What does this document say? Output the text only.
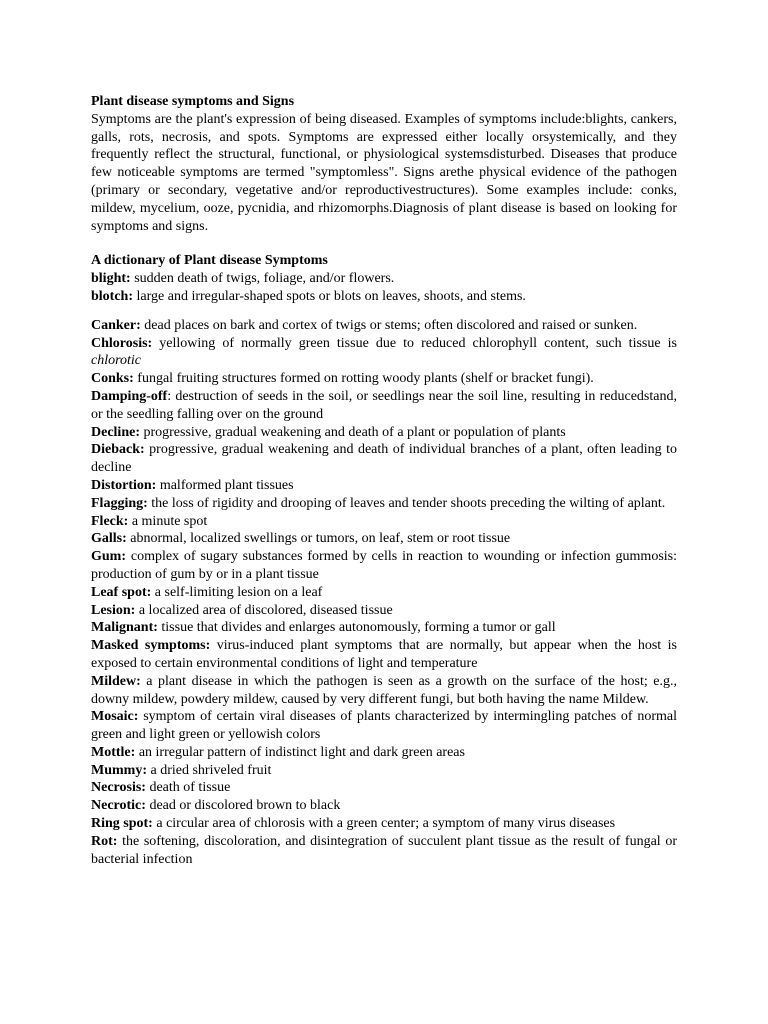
Plant disease symptoms and Signs

Symptoms are the plant's expression of being diseased. Examples of symptoms include:blights, cankers, galls, rots, necrosis, and spots. Symptoms are expressed either locally orsystemically, and they frequently reflect the structural, functional, or physiological systemsdisturbed. Diseases that produce few noticeable symptoms are termed "symptomless". Signs arethe physical evidence of the pathogen (primary or secondary, vegetative and/or reproductivestructures). Some examples include: conks, mildew, mycelium, ooze, pycnidia, and rhizomorphs.Diagnosis of plant disease is based on looking for symptoms and signs.

A dictionary of Plant disease Symptoms

blight: sudden death of twigs, foliage, and/or flowers.

blotch: large and irregular-shaped spots or blots on leaves, shoots, and stems.

Canker: dead places on bark and cortex of twigs or stems; often discolored and raised or sunken.

Chlorosis: yellowing of normally green tissue due to reduced chlorophyll content, such tissue is chlorotic

Conks: fungal fruiting structures formed on rotting woody plants (shelf or bracket fungi).

Damping-off: destruction of seeds in the soil, or seedlings near the soil line, resulting in reducedstand, or the seedling falling over on the ground

Decline: progressive, gradual weakening and death of a plant or population of plants

Dieback: progressive, gradual weakening and death of individual branches of a plant, often leading to decline

Distortion: malformed plant tissues

Flagging: the loss of rigidity and drooping of leaves and tender shoots preceding the wilting of aplant.

Fleck: a minute spot

Galls: abnormal, localized swellings or tumors, on leaf, stem or root tissue

Gum: complex of sugary substances formed by cells in reaction to wounding or infection gummosis: production of gum by or in a plant tissue

Leaf spot: a self-limiting lesion on a leaf

Lesion: a localized area of discolored, diseased tissue

Malignant: tissue that divides and enlarges autonomously, forming a tumor or gall

Masked symptoms: virus-induced plant symptoms that are normally, but appear when the host is exposed to certain environmental conditions of light and temperature

Mildew: a plant disease in which the pathogen is seen as a growth on the surface of the host; e.g., downy mildew, powdery mildew, caused by very different fungi, but both having the name Mildew.

Mosaic: symptom of certain viral diseases of plants characterized by intermingling patches of normal green and light green or yellowish colors

Mottle: an irregular pattern of indistinct light and dark green areas

Mummy: a dried shriveled fruit

Necrosis: death of tissue

Necrotic: dead or discolored brown to black

Ring spot: a circular area of chlorosis with a green center; a symptom of many virus diseases

Rot: the softening, discoloration, and disintegration of succulent plant tissue as the result of fungal or bacterial infection
